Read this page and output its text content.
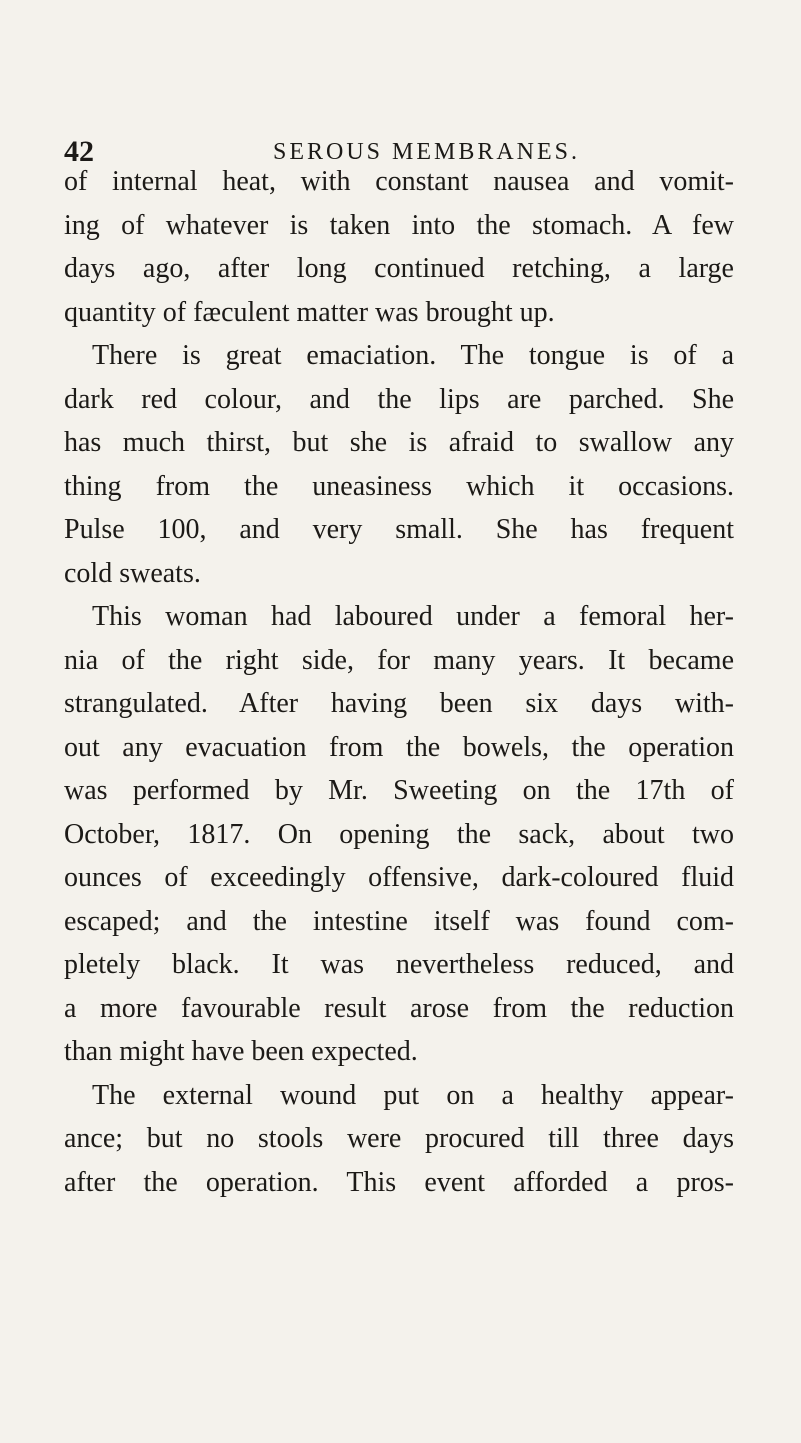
42	SEROUS MEMBRANES.
of internal heat, with constant nausea and vomit-
ing of whatever is taken into the stomach. A few
days ago, after long continued retching, a large
quantity of fæculent matter was brought up.
There is great emaciation. The tongue is of a
dark red colour, and the lips are parched. She
has much thirst, but she is afraid to swallow any
thing from the uneasiness which it occasions.
Pulse 100, and very small. She has frequent
cold sweats.
This woman had laboured under a femoral her-
nia of the right side, for many years. It became
strangulated. After having been six days with-
out any evacuation from the bowels, the operation
was performed by Mr. Sweeting on the 17th of
October, 1817. On opening the sack, about two
ounces of exceedingly offensive, dark-coloured fluid
escaped; and the intestine itself was found com-
pletely black. It was nevertheless reduced, and
a more favourable result arose from the reduction
than might have been expected.
The external wound put on a healthy appear-
ance; but no stools were procured till three days
after the operation. This event afforded a pros-
